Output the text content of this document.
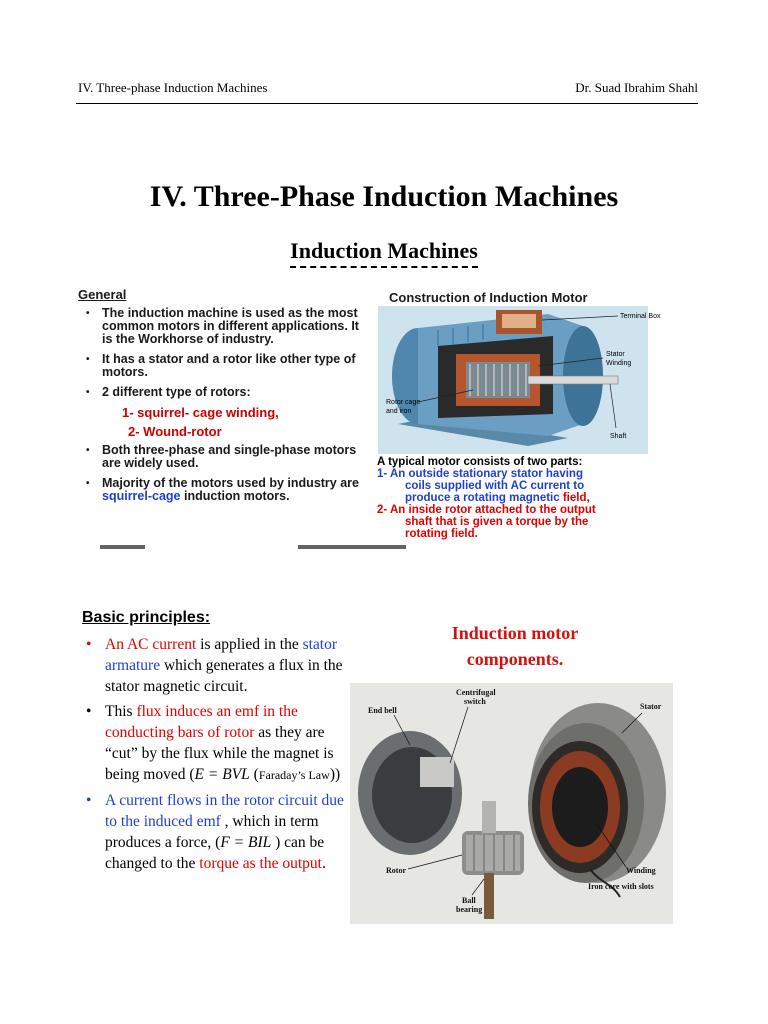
IV. Three-phase Induction Machines	Dr. Suad Ibrahim Shahl
IV. Three-Phase Induction Machines
Induction Machines
General
• The induction machine is used as the most common motors in different applications. It is the Workhorse of industry.
• It has a stator and a rotor like other type of motors.
• 2 different type of rotors:
1- squirrel- cage winding,
2- Wound-rotor
• Both three-phase and single-phase motors are widely used.
• Majority of the motors used by industry are squirrel-cage induction motors.
Construction of Induction Motor
Terminal Box
Stator
Winding
Rotor cage
and iron
Shaft
A typical motor consists of two parts:
1- An outside stationary stator having
coils supplied with AC current to
produce a rotating magnetic field,
2- An inside rotor attached to the output
shaft that is given a torque by the
rotating field.
Basic principles:
• An AC current is applied in the stator armature which generates a flux in the stator magnetic circuit.
• This flux induces an emf in the conducting bars of rotor as they are “cut” by the flux while the magnet is being moved (E = BVL (Faraday’s Law))
• A current flows in the rotor circuit due to the induced emf , which in term produces a force, (F = BIL ) can be changed to the torque as the output.
Induction motor
components.
End bell
Centrifugal
switch
Stator
Rotor	Winding
Ball
bearing
Iron core with slots
